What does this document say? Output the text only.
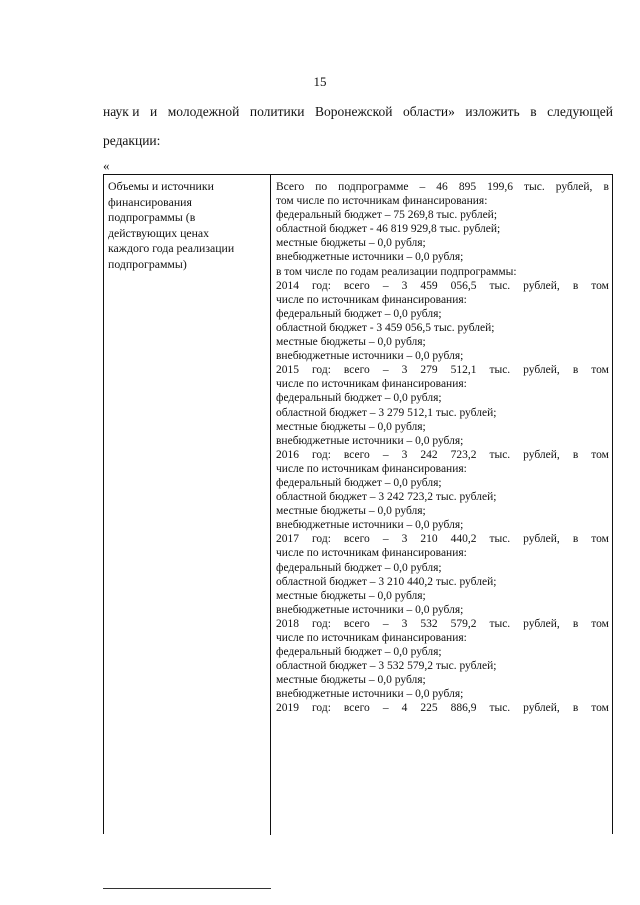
15
наук и и молодежной политики Воронежской области» изложить в следующей
редакции:
«
Объемы и источники
финансирования
подпрограммы (в
действующих ценах
каждого года реализации
подпрограммы)
Всего по подпрограмме – 46 895 199,6 тыс. рублей, в
том числе по источникам финансирования:
федеральный бюджет – 75 269,8 тыс. рублей;
областной бюджет - 46 819 929,8 тыс. рублей;
местные бюджеты – 0,0 рубля;
внебюджетные источники – 0,0 рубля;
в том числе по годам реализации подпрограммы:
2014 год: всего – 3 459 056,5 тыс. рублей, в том
числе по источникам финансирования:
федеральный бюджет – 0,0 рубля;
областной бюджет - 3 459 056,5 тыс. рублей;
местные бюджеты – 0,0 рубля;
внебюджетные источники – 0,0 рубля;
2015 год: всего – 3 279 512,1 тыс. рублей, в том
числе по источникам финансирования:
федеральный бюджет – 0,0 рубля;
областной бюджет – 3 279 512,1 тыс. рублей;
местные бюджеты – 0,0 рубля;
внебюджетные источники – 0,0 рубля;
2016 год: всего – 3 242 723,2 тыс. рублей, в том
числе по источникам финансирования:
федеральный бюджет – 0,0 рубля;
областной бюджет – 3 242 723,2 тыс. рублей;
местные бюджеты – 0,0 рубля;
внебюджетные источники – 0,0 рубля;
2017 год: всего – 3 210 440,2 тыс. рублей, в том
числе по источникам финансирования:
федеральный бюджет – 0,0 рубля;
областной бюджет – 3 210 440,2 тыс. рублей;
местные бюджеты – 0,0 рубля;
внебюджетные источники – 0,0 рубля;
2018 год: всего – 3 532 579,2 тыс. рублей, в том
числе по источникам финансирования:
федеральный бюджет – 0,0 рубля;
областной бюджет – 3 532 579,2 тыс. рублей;
местные бюджеты – 0,0 рубля;
внебюджетные источники – 0,0 рубля;
2019 год: всего – 4 225 886,9 тыс. рублей, в том
